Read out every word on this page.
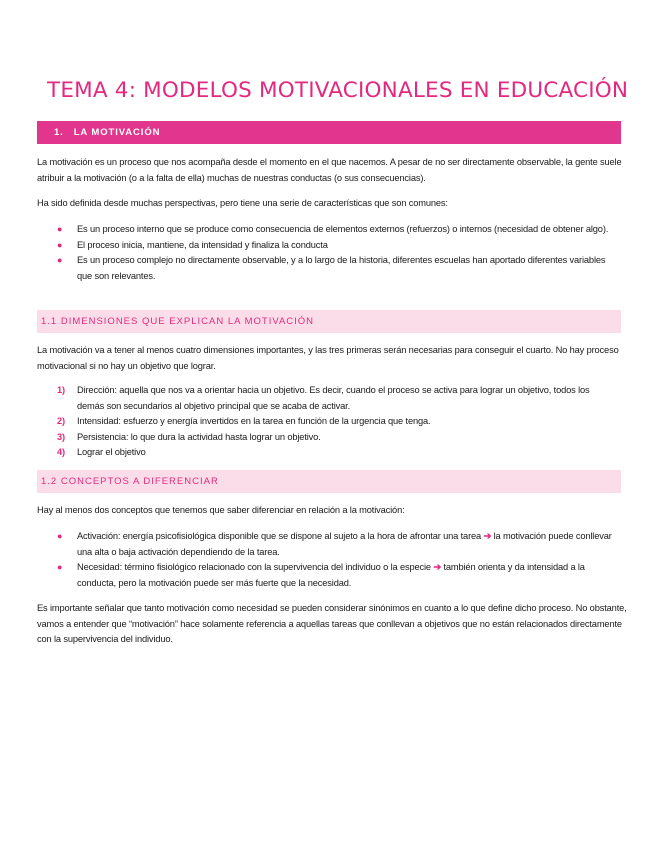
TEMA 4: MODELOS MOTIVACIONALES EN EDUCACIÓN
1. LA MOTIVACIÓN

La motivación es un proceso que nos acompaña desde el momento en el que nacemos. A pesar de no ser directamente observable, la gente suele atribuir a la motivación (o a la falta de ella) muchas de nuestras conductas (o sus consecuencias).

Ha sido definida desde muchas perspectivas, pero tiene una serie de características que son comunes:

● Es un proceso interno que se produce como consecuencia de elementos externos (refuerzos) o internos (necesidad de obtener algo).
● El proceso inicia, mantiene, da intensidad y finaliza la conducta
● Es un proceso complejo no directamente observable, y a lo largo de la historia, diferentes escuelas han aportado diferentes variables que son relevantes.
1.1 DIMENSIONES QUE EXPLICAN LA MOTIVACIÓN

La motivación va a tener al menos cuatro dimensiones importantes, y las tres primeras serán necesarias para conseguir el cuarto. No hay proceso motivacional si no hay un objetivo que lograr.

1) Dirección: aquella que nos va a orientar hacia un objetivo. Es decir, cuando el proceso se activa para lograr un objetivo, todos los demás son secundarios al objetivo principal que se acaba de activar.
2) Intensidad: esfuerzo y energía invertidos en la tarea en función de la urgencia que tenga.
3) Persistencia: lo que dura la actividad hasta lograr un objetivo.
4) Lograr el objetivo
1.2 CONCEPTOS A DIFERENCIAR

Hay al menos dos conceptos que tenemos que saber diferenciar en relación a la motivación:

● Activación: energía psicofisiológica disponible que se dispone al sujeto a la hora de afrontar una tarea ➔ la motivación puede conllevar una alta o baja activación dependiendo de la tarea.
● Necesidad: término fisiológico relacionado con la supervivencia del individuo o la especie ➔ también orienta y da intensidad a la conducta, pero la motivación puede ser más fuerte que la necesidad.

Es importante señalar que tanto motivación como necesidad se pueden considerar sinónimos en cuanto a lo que define dicho proceso. No obstante, vamos a entender que “motivación” hace solamente referencia a aquellas tareas que conllevan a objetivos que no están relacionados directamente con la supervivencia del individuo.
